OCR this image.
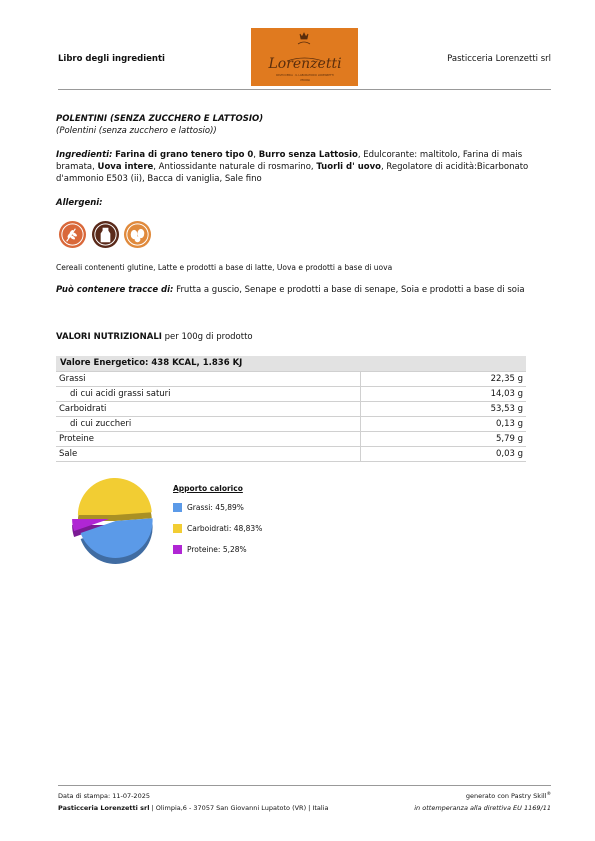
Libro degli ingredienti	Lorenzetti
PASTICCERIA · IL LABORATORIO LORENZETTI
VERONA
Pasticceria Lorenzetti srl
POLENTINI (SENZA ZUCCHERO E LATTOSIO)
(Polentini (senza zucchero e lattosio))
Ingredienti: Farina di grano tenero tipo 0, Burro senza Lattosio, Edulcorante: maltitolo, Farina di mais bramata, Uova intere, Antiossidante naturale di rosmarino, Tuorli d' uovo, Regolatore di acidità:Bicarbonato d'ammonio E503 (ii), Bacca di vaniglia, Sale fino
Allergeni:
Cereali contenenti glutine, Latte e prodotti a base di latte, Uova e prodotti a base di uova
Può contenere tracce di: Frutta a guscio, Senape e prodotti a base di senape, Soia e prodotti a base di soia
VALORI NUTRIZIONALI per 100g di prodotto
Valore Energetico: 438 KCAL, 1.836 KJ	
Grassi	22,35 g
di cui acidi grassi saturi	14,03 g
Carboidrati	53,53 g
di cui zuccheri	0,13 g
Proteine	5,79 g
Sale	0,03 g
Apporto calorico
Grassi: 45,89%
Carboidrati: 48,83%
Proteine: 5,28%
Data di stampa: 11-07-2025
Pasticceria Lorenzetti srl | Olimpia,6 - 37057 San Giovanni Lupatoto (VR) | Italia
generato con Pastry Skill®
in ottemperanza alla direttiva EU 1169/11
